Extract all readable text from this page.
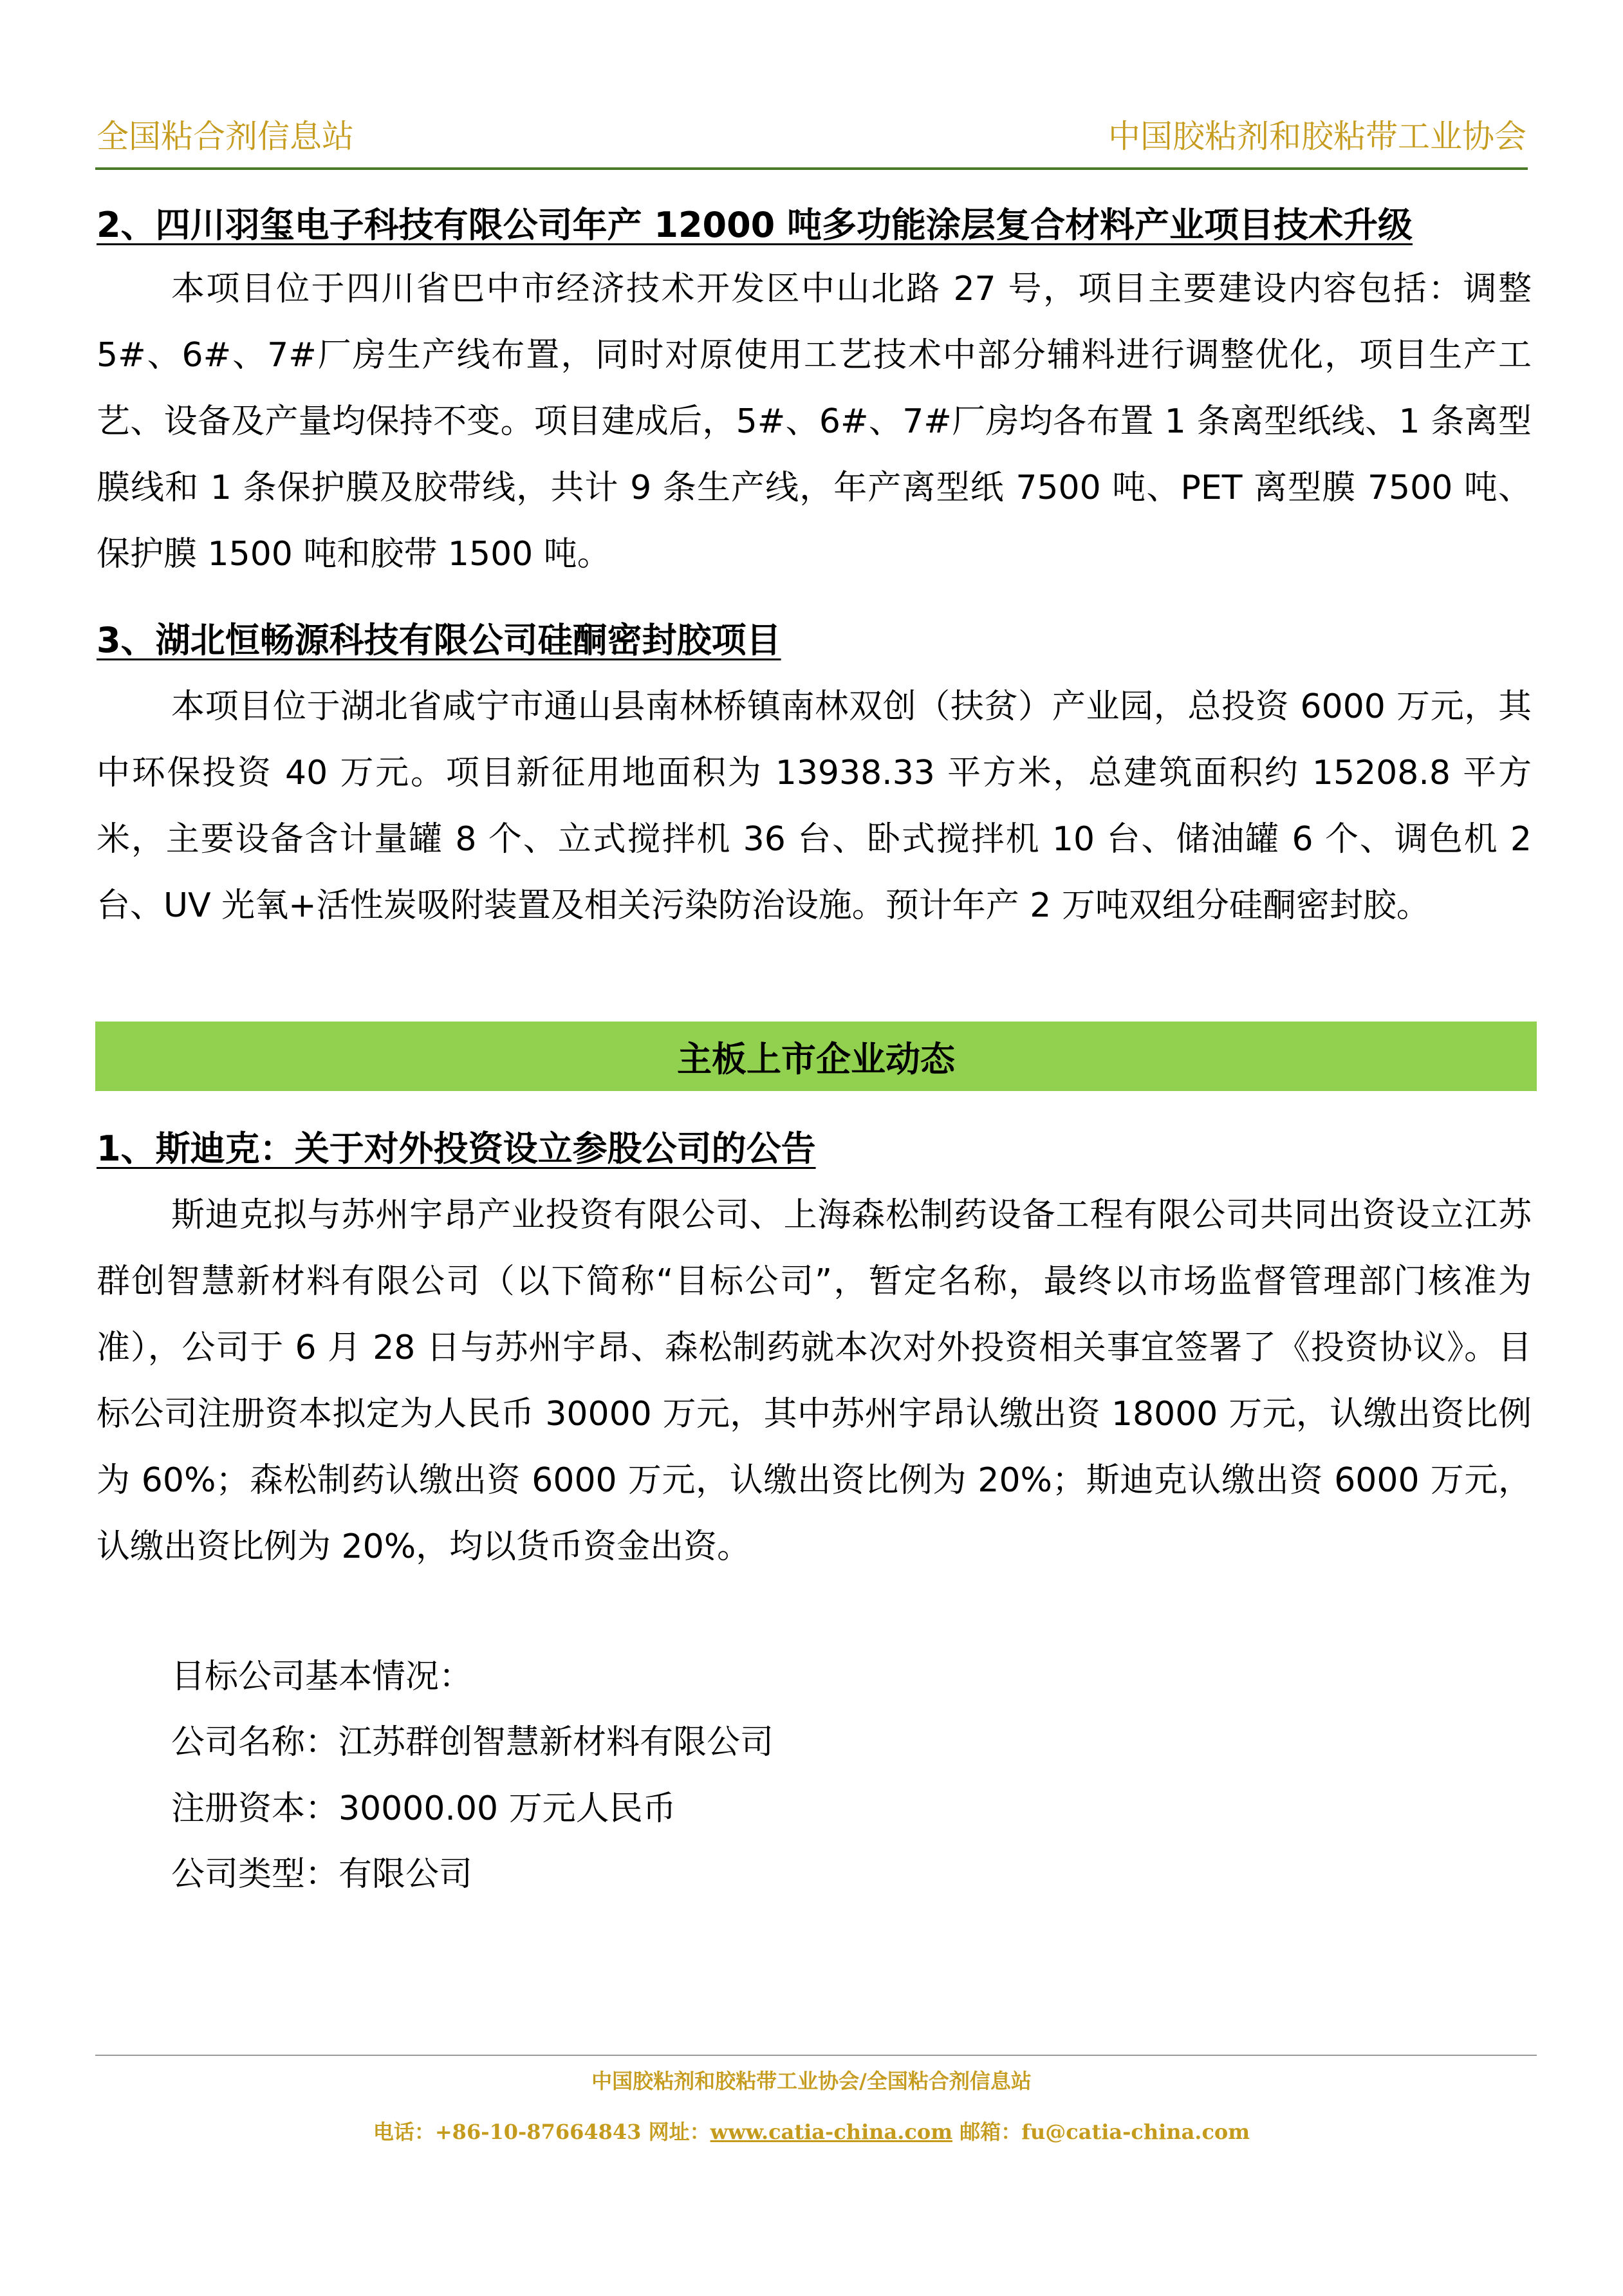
全国粘合剂信息站	中国胶粘剂和胶粘带工业协会
2、四川羽玺电子科技有限公司年产 12000 吨多功能涂层复合材料产业项目技术升级

本项目位于四川省巴中市经济技术开发区中山北路 27 号，项目主要建设内容包括：调整 5#、6#、7#厂房生产线布置，同时对原使用工艺技术中部分辅料进行调整优化，项目生产工艺、设备及产量均保持不变。项目建成后，5#、6#、7#厂房均各布置 1 条离型纸线、1 条离型膜线和 1 条保护膜及胶带线，共计 9 条生产线，年产离型纸 7500 吨、PET 离型膜 7500 吨、保护膜 1500 吨和胶带 1500 吨。

3、湖北恒畅源科技有限公司硅酮密封胶项目

本项目位于湖北省咸宁市通山县南林桥镇南林双创（扶贫）产业园，总投资 6000 万元，其中环保投资 40 万元。项目新征用地面积为 13938.33 平方米，总建筑面积约 15208.8 平方米，主要设备含计量罐 8 个、立式搅拌机 36 台、卧式搅拌机 10 台、储油罐 6 个、调色机 2 台、UV 光氧+活性炭吸附装置及相关污染防治设施。预计年产 2 万吨双组分硅酮密封胶。

主板上市企业动态
1、斯迪克：关于对外投资设立参股公司的公告

斯迪克拟与苏州宇昂产业投资有限公司、上海森松制药设备工程有限公司共同出资设立江苏群创智慧新材料有限公司（以下简称“目标公司”，暂定名称，最终以市场监督管理部门核准为准），公司于 6 月 28 日与苏州宇昂、森松制药就本次对外投资相关事宜签署了《投资协议》。目标公司注册资本拟定为人民币 30000 万元，其中苏州宇昂认缴出资 18000 万元，认缴出资比例为 60%；森松制药认缴出资 6000 万元，认缴出资比例为 20%；斯迪克认缴出资 6000 万元，认缴出资比例为 20%，均以货币资金出资。

目标公司基本情况：
公司名称：江苏群创智慧新材料有限公司
注册资本：30000.00 万元人民币
公司类型：有限公司
中国胶粘剂和胶粘带工业协会/全国粘合剂信息站
电话：+86-10-87664843 网址：www.catia-china.com 邮箱：fu@catia-china.com
